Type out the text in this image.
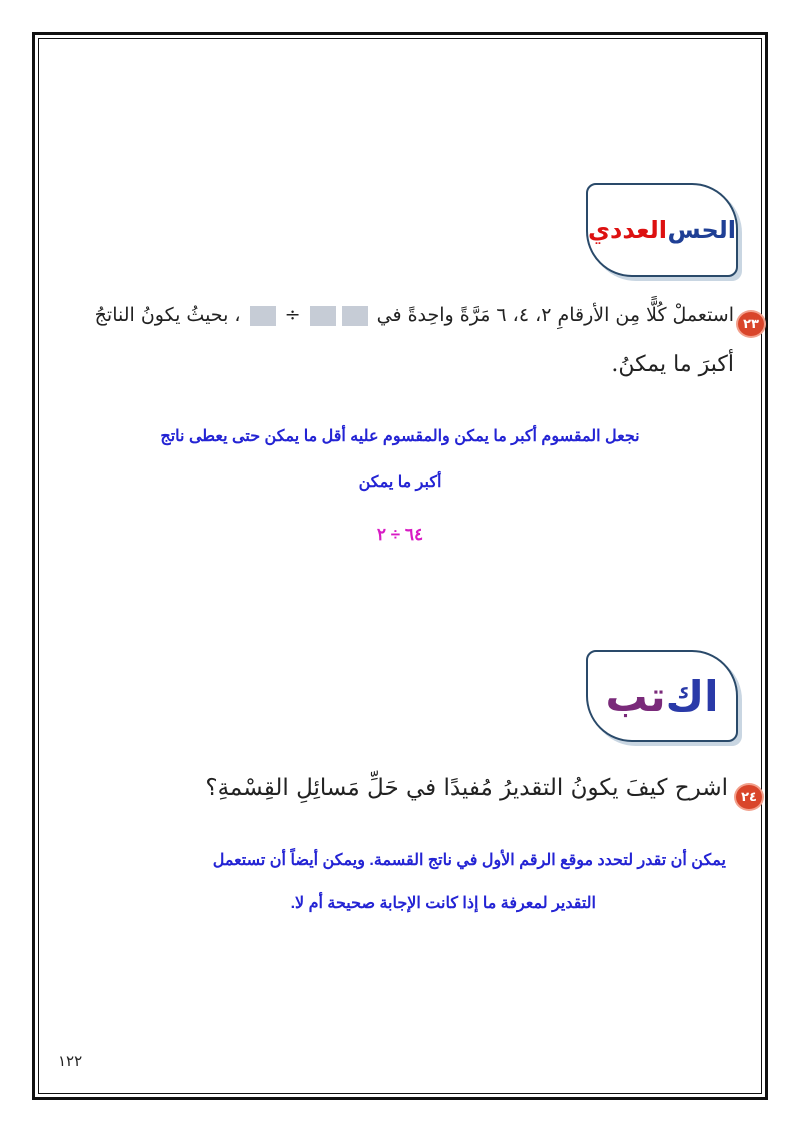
الحس
العددي
٢٣
استعملْ كُلًّا مِن الأرقامِ ٢، ٤، ٦ مَرَّةً واحِدةً في  ÷  ، بحيثُ يكونُ الناتجُ
أكبرَ ما يمكنُ.
نجعل المقسوم أكبر ما يمكن والمقسوم عليه أقل ما يمكن حتى يعطى ناتج
أكبر ما يمكن
٦٤ ÷ ٢
اك
تب
٢٤
اشرح كيفَ يكونُ التقديرُ مُفيدًا في حَلِّ مَسائِلِ القِسْمةِ؟
يمكن أن تقدر لتحدد موقع الرقم الأول في ناتج القسمة. ويمكن أيضاً أن تستعمل
التقدير لمعرفة ما إذا كانت الإجابة صحيحة أم لا.
١٢٢
